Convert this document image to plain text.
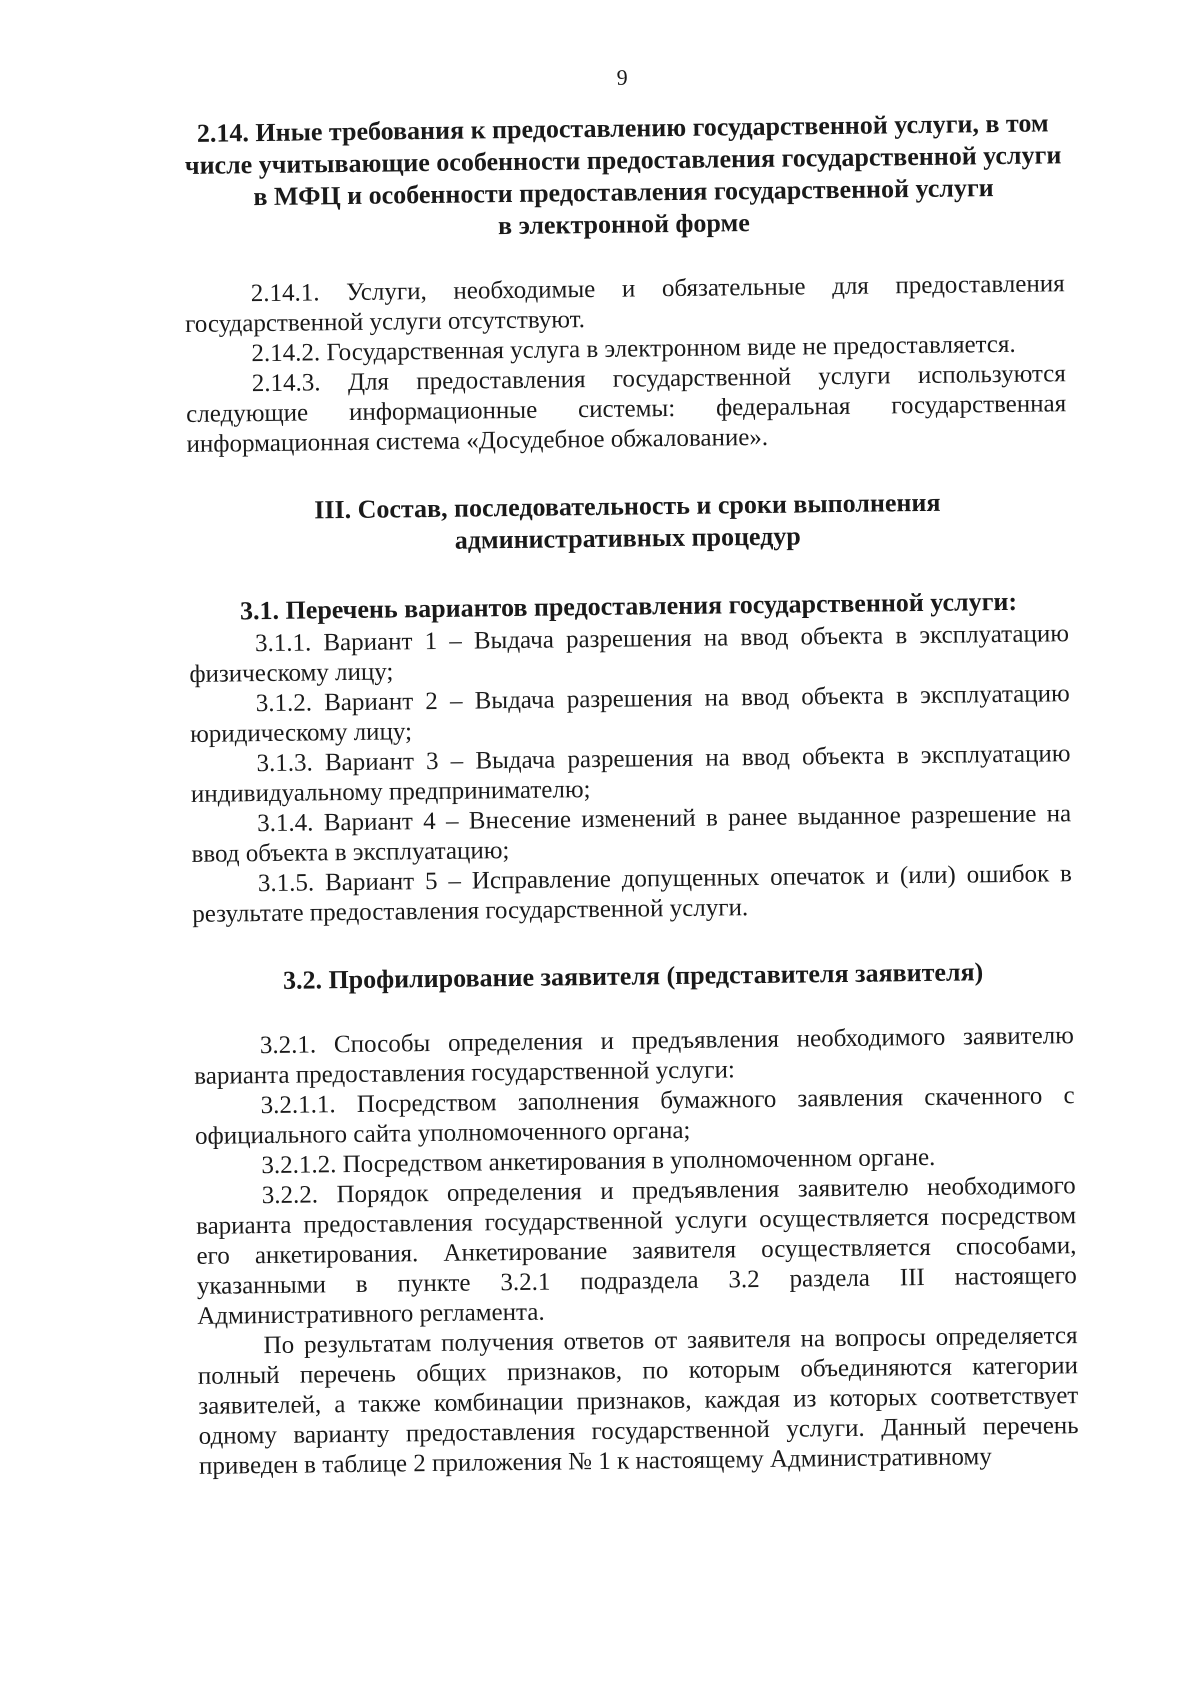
9
2.14. Иные требования к предоставлению государственной услуги, в том
числе учитывающие особенности предоставления государственной услуги
в МФЦ и особенности предоставления государственной услуги
в электронной форме

2.14.1. Услуги, необходимые и обязательные для предоставления государственной услуги отсутствуют.

2.14.2. Государственная услуга в электронном виде не предоставляется.

2.14.3. Для предоставления государственной услуги используются следующие информационные системы: федеральная государственная информационная система «Досудебное обжалование».

III. Состав, последовательность и сроки выполнения
административных процедур
3.1. Перечень вариантов предоставления государственной услуги:

3.1.1. Вариант 1 – Выдача разрешения на ввод объекта в эксплуатацию физическому лицу;

3.1.2. Вариант 2 – Выдача разрешения на ввод объекта в эксплуатацию юридическому лицу;

3.1.3. Вариант 3 – Выдача разрешения на ввод объекта в эксплуатацию индивидуальному предпринимателю;

3.1.4. Вариант 4 – Внесение изменений в ранее выданное разрешение на ввод объекта в эксплуатацию;

3.1.5. Вариант 5 – Исправление допущенных опечаток и (или) ошибок в результате предоставления государственной услуги.

3.2. Профилирование заявителя (представителя заявителя)

3.2.1. Способы определения и предъявления необходимого заявителю варианта предоставления государственной услуги:

3.2.1.1. Посредством заполнения бумажного заявления скаченного с официального сайта уполномоченного органа;

3.2.1.2. Посредством анкетирования в уполномоченном органе.

3.2.2. Порядок определения и предъявления заявителю необходимого варианта предоставления государственной услуги осуществляется посредством его анкетирования. Анкетирование заявителя осуществляется способами, указанными в пункте 3.2.1 подраздела 3.2 раздела III настоящего Административного регламента.

По результатам получения ответов от заявителя на вопросы определяется полный перечень общих признаков, по которым объединяются категории заявителей, а также комбинации признаков, каждая из которых соответствует одному варианту предоставления государственной услуги. Данный перечень приведен в таблице 2 приложения № 1 к настоящему Административному
